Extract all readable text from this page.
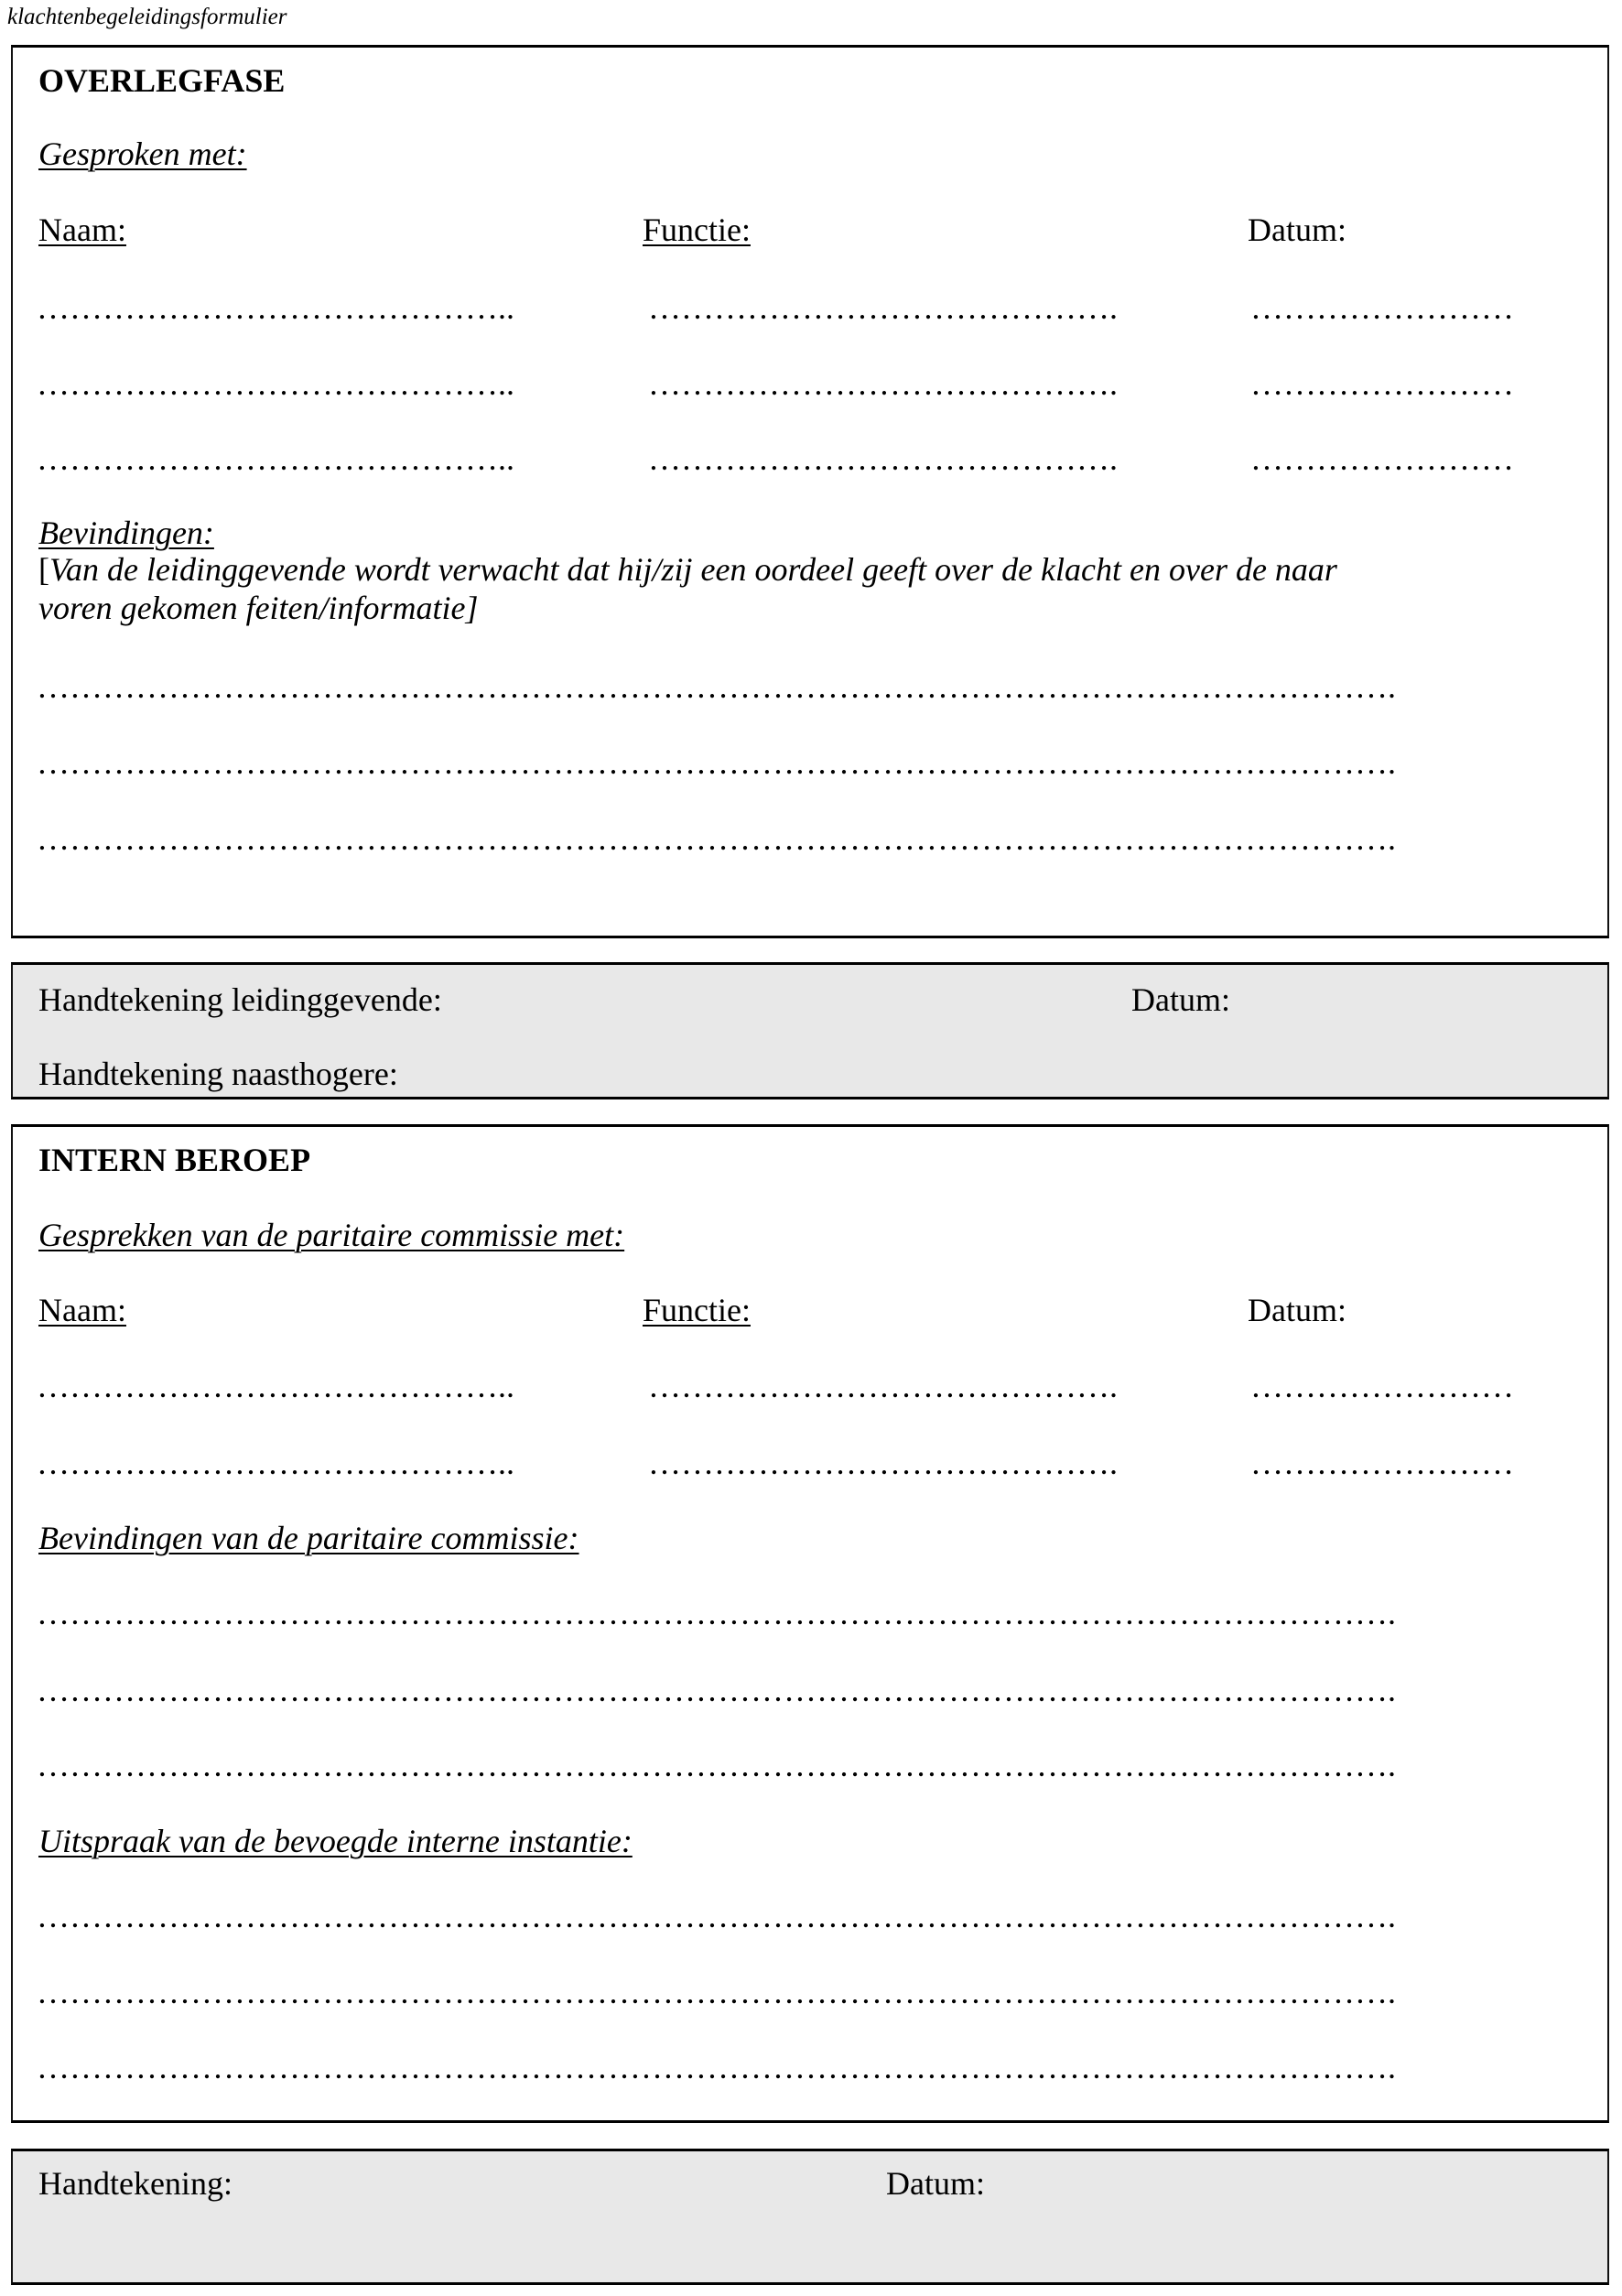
klachtenbegeleidingsformulier
OVERLEGFASE
Gesproken met:
Naam:	Functie:	Datum:
……………………………………..	…………………………………….	……………………
……………………………………..	…………………………………….	……………………
……………………………………..	…………………………………….	……………………
Bevindingen:
[Van de leidinggevende wordt verwacht dat hij/zij een oordeel geeft over de klacht en over de naar
voren gekomen feiten/informatie]
…………………………………………………………………………………………………………….
…………………………………………………………………………………………………………….
…………………………………………………………………………………………………………….
Handtekening leidinggevende:	Datum:
Handtekening naasthogere:
INTERN BEROEP
Gesprekken van de paritaire commissie met:
Naam:	Functie:	Datum:
……………………………………..	…………………………………….	……………………
……………………………………..	…………………………………….	……………………
Bevindingen van de paritaire commissie:
…………………………………………………………………………………………………………….
…………………………………………………………………………………………………………….
…………………………………………………………………………………………………………….
Uitspraak van de bevoegde interne instantie:
…………………………………………………………………………………………………………….
…………………………………………………………………………………………………………….
…………………………………………………………………………………………………………….
Handtekening:	Datum:
